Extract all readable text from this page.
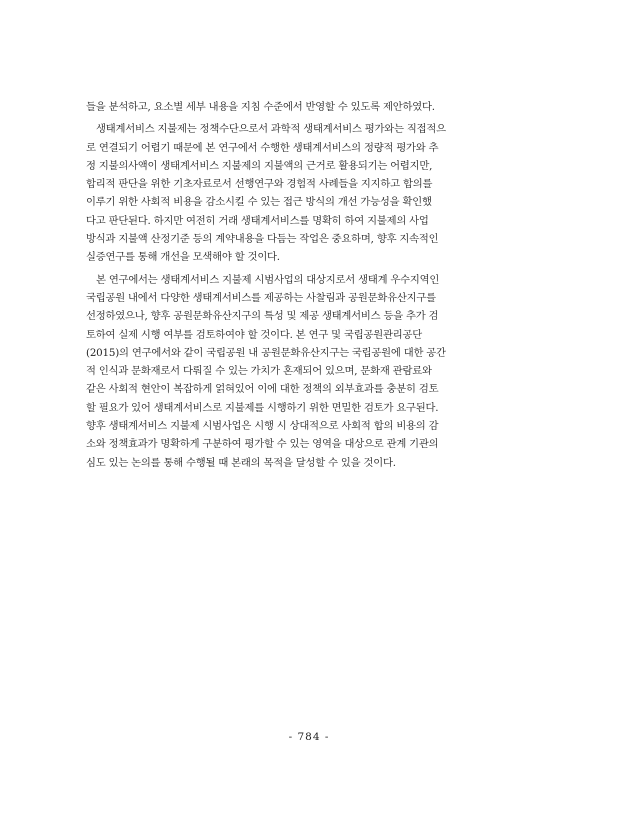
들을 분석하고, 요소별 세부 내용을 지침 수준에서 반영할 수 있도록 제안하였다.
생태계서비스 지불제는 정책수단으로서 과학적 생태계서비스 평가와는 직접적으
로 연결되기 어렵기 때문에 본 연구에서 수행한 생태계서비스의 정량적 평가와 추
정 지불의사액이 생태계서비스 지불제의 지불액의 근거로 활용되기는 어렵지만,
합리적 판단을 위한 기초자료로서 선행연구와 경험적 사례들을 지지하고 합의를
이루기 위한 사회적 비용을 감소시킬 수 있는 접근 방식의 개선 가능성을 확인했
다고 판단된다. 하지만 여전히 거래 생태계서비스를 명확히 하여 지불제의 사업
방식과 지불액 산정기준 등의 계약내용을 다듬는 작업은 중요하며, 향후 지속적인
실증연구를 통해 개선을 모색해야 할 것이다.
본 연구에서는 생태계서비스 지불제 시범사업의 대상지로서 생태계 우수지역인
국립공원 내에서 다양한 생태계서비스를 제공하는 사찰림과 공원문화유산지구를
선정하였으나, 향후 공원문화유산지구의 특성 및 제공 생태계서비스 등을 추가 검
토하여 실제 시행 여부를 검토하여야 할 것이다. 본 연구 및 국립공원관리공단
(2015)의 연구에서와 같이 국립공원 내 공원문화유산지구는 국립공원에 대한 공간
적 인식과 문화재로서 다뤄질 수 있는 가치가 혼재되어 있으며, 문화재 관람료와
같은 사회적 현안이 복잡하게 얽혀있어 이에 대한 정책의 외부효과를 충분히 검토
할 필요가 있어 생태계서비스로 지불제를 시행하기 위한 면밀한 검토가 요구된다.
향후 생태계서비스 지불제 시범사업은 시행 시 상대적으로 사회적 합의 비용의 감
소와 정책효과가 명확하게 구분하여 평가할 수 있는 영역을 대상으로 관계 기관의
심도 있는 논의를 통해 수행될 때 본래의 목적을 달성할 수 있을 것이다.
- 784 -
